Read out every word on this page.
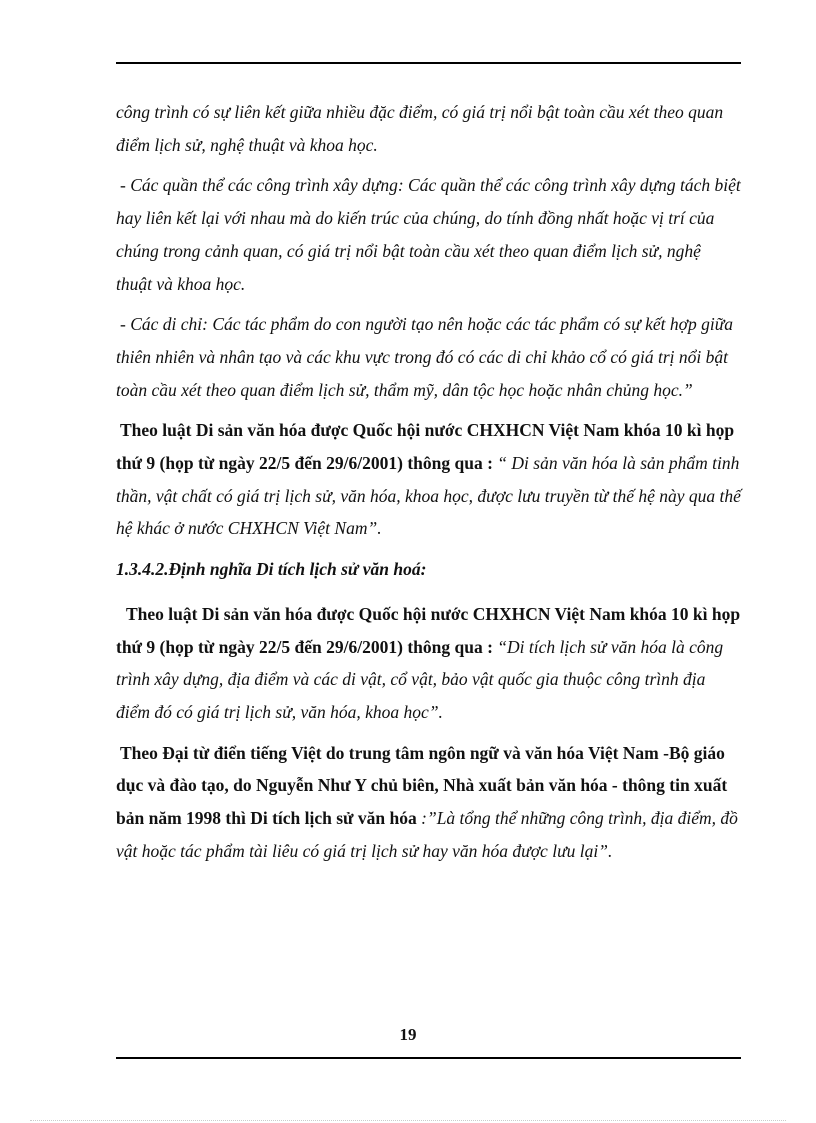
công trình có sự liên kết giữa nhiều đặc điểm, có giá trị nổi bật toàn cầu xét theo quan điểm lịch sử, nghệ thuật và khoa học.

- Các quần thể các công trình xây dựng: Các quần thể các công trình xây dựng tách biệt hay liên kết lại với nhau mà do kiến trúc của chúng, do tính đồng nhất hoặc vị trí của chúng trong cảnh quan, có giá trị nổi bật toàn cầu xét theo quan điểm lịch sử, nghệ thuật và khoa học.

- Các di chỉ: Các tác phẩm do con người tạo nên hoặc các tác phẩm có sự kết hợp giữa thiên nhiên và nhân tạo và các khu vực trong đó có các di chỉ khảo cổ có giá trị nổi bật toàn cầu xét theo quan điểm lịch sử, thẩm mỹ, dân tộc học hoặc nhân chủng học.”

Theo luật Di sản văn hóa được Quốc hội nước CHXHCN Việt Nam khóa 10 kì họp thứ 9 (họp từ ngày 22/5 đến 29/6/2001) thông qua : “ Di sản văn hóa là sản phẩm tinh thần, vật chất có giá trị lịch sử, văn hóa, khoa học, được lưu truyền từ thế hệ này qua thế hệ khác ở nước CHXHCN Việt Nam”.

1.3.4.2.Định nghĩa Di tích lịch sử văn hoá:

Theo luật Di sản văn hóa được Quốc hội nước CHXHCN Việt Nam khóa 10 kì họp thứ 9 (họp từ ngày 22/5 đến 29/6/2001) thông qua : “Di tích lịch sử văn hóa là công trình xây dựng, địa điểm và các di vật, cổ vật, bảo vật quốc gia thuộc công trình địa điểm đó có giá trị lịch sử, văn hóa, khoa học”.

Theo Đại từ điển tiếng Việt do trung tâm ngôn ngữ và văn hóa Việt Nam -Bộ giáo dục và đào tạo, do Nguyễn Như Y chủ biên, Nhà xuất bản văn hóa - thông tin xuất bản năm 1998 thì Di tích lịch sử văn hóa :”Là tổng thể những công trình, địa điểm, đồ vật hoặc tác phẩm tài liêu có giá trị lịch sử hay văn hóa được lưu lại”.

19
